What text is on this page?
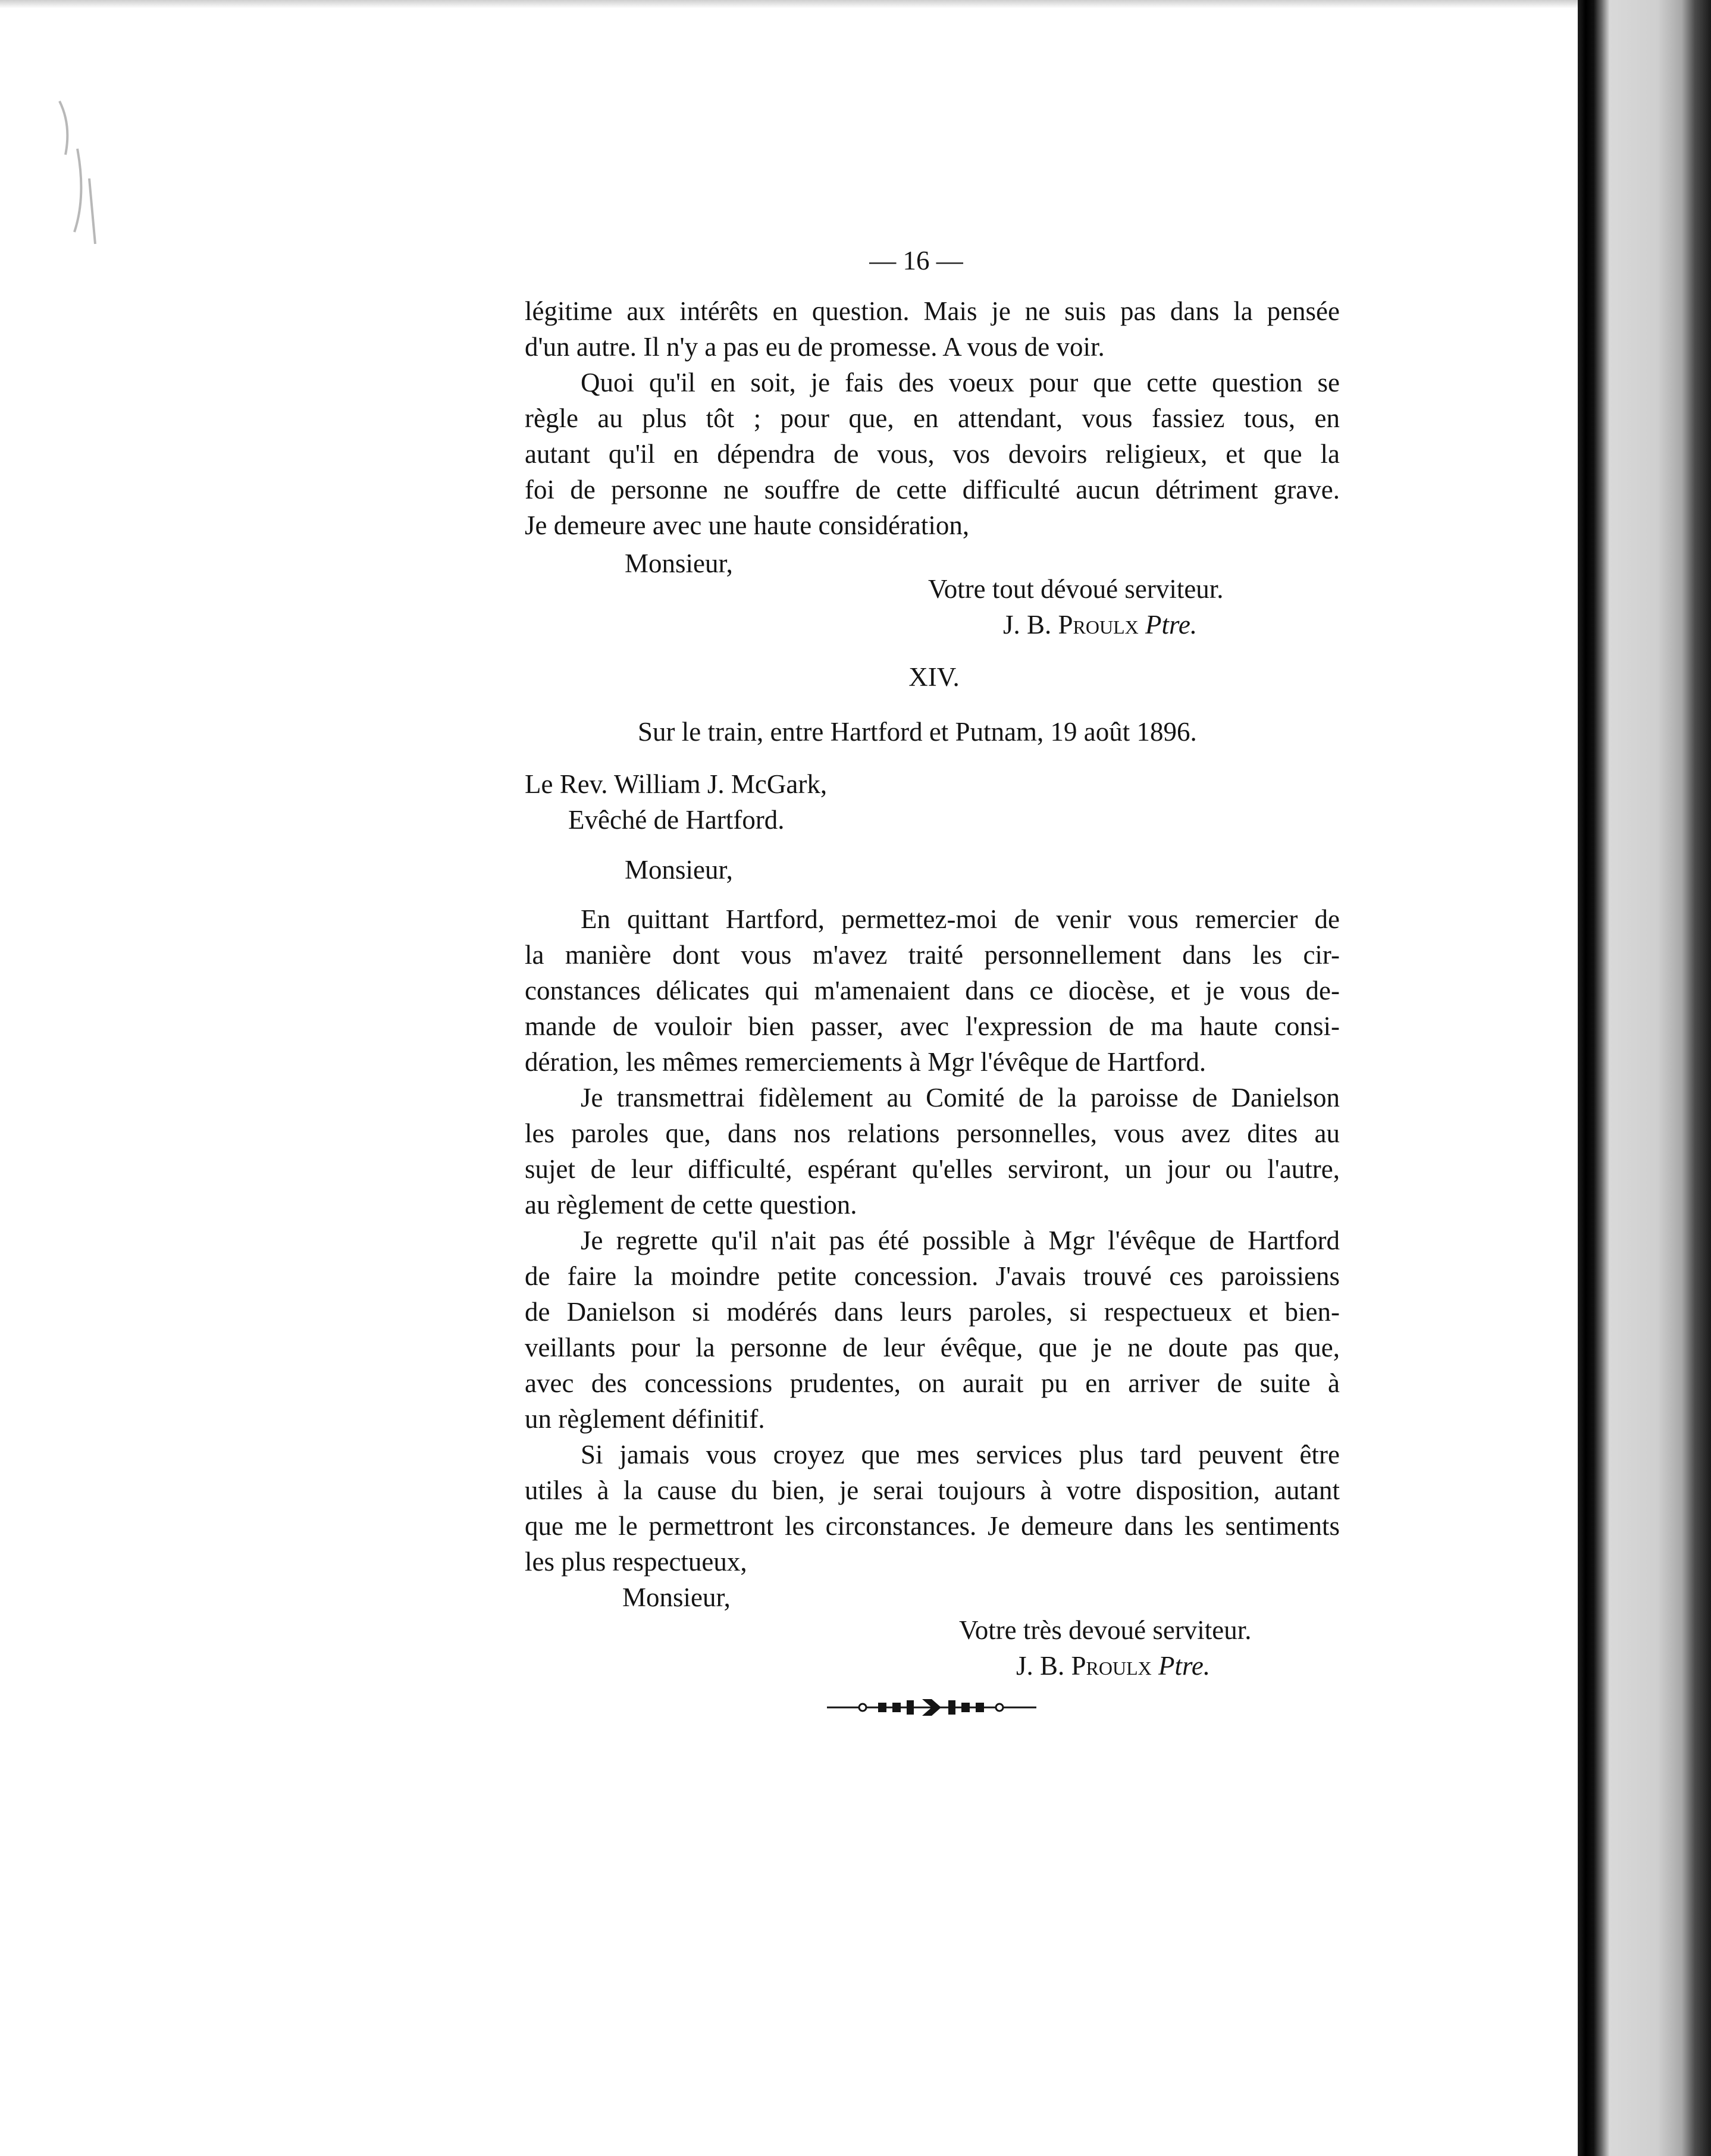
— 16 —
légitime aux intérêts en question. Mais je ne suis pas dans la pensée
d'un autre. Il n'y a pas eu de promesse. A vous de voir.
Quoi qu'il en soit, je fais des voeux pour que cette question se
règle au plus tôt ; pour que, en attendant, vous fassiez tous, en
autant qu'il en dépendra de vous, vos devoirs religieux, et que la
foi de personne ne souffre de cette difficulté aucun détriment grave.
Je demeure avec une haute considération,
Monsieur,
Votre tout dévoué serviteur.
J. B. Proulx Ptre.
XIV.
Sur le train, entre Hartford et Putnam, 19 août 1896.
Le Rev. William J. McGark,
Evêché de Hartford.
Monsieur,
En quittant Hartford, permettez-moi de venir vous remercier de
la manière dont vous m'avez traité personnellement dans les cir-
constances délicates qui m'amenaient dans ce diocèse, et je vous de-
mande de vouloir bien passer, avec l'expression de ma haute consi-
dération, les mêmes remerciements à Mgr l'évêque de Hartford.
Je transmettrai fidèlement au Comité de la paroisse de Danielson
les paroles que, dans nos relations personnelles, vous avez dites au
sujet de leur difficulté, espérant qu'elles serviront, un jour ou l'autre,
au règlement de cette question.
Je regrette qu'il n'ait pas été possible à Mgr l'évêque de Hartford
de faire la moindre petite concession. J'avais trouvé ces paroissiens
de Danielson si modérés dans leurs paroles, si respectueux et bien-
veillants pour la personne de leur évêque, que je ne doute pas que,
avec des concessions prudentes, on aurait pu en arriver de suite à
un règlement définitif.
Si jamais vous croyez que mes services plus tard peuvent être
utiles à la cause du bien, je serai toujours à votre disposition, autant
que me le permettront les circonstances. Je demeure dans les sentiments
les plus respectueux,
Monsieur,
Votre très devoué serviteur.
J. B. Proulx Ptre.
